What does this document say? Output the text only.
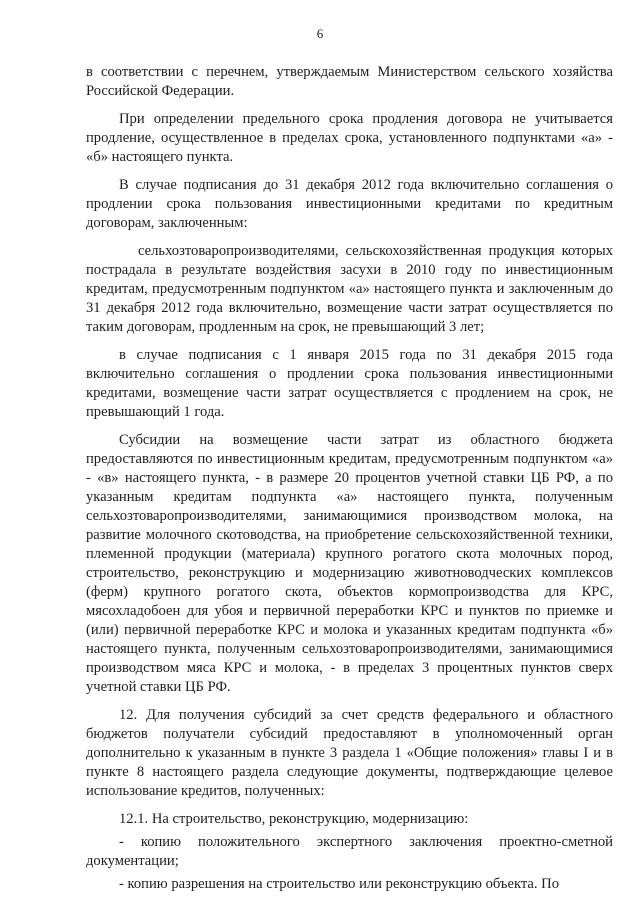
6

в соответствии с перечнем, утверждаемым Министерством сельского хозяйства Российской Федерации.

При определении предельного срока продления договора не учитывается продление, осуществленное в пределах срока, установленного подпунктами «а» - «б» настоящего пункта.

В случае подписания до 31 декабря 2012 года включительно соглашения о продлении срока пользования инвестиционными кредитами по кредитным договорам, заключенным:

сельхозтоваропроизводителями, сельскохозяйственная продукция которых пострадала в результате воздействия засухи в 2010 году по инвестиционным кредитам, предусмотренным подпунктом «а» настоящего пункта и заключенным до 31 декабря 2012 года включительно, возмещение части затрат осуществляется по таким договорам, продленным на срок, не превышающий 3 лет;

в случае подписания с 1 января 2015 года по 31 декабря 2015 года включительно соглашения о продлении срока пользования инвестиционными кредитами, возмещение части затрат осуществляется с продлением на срок, не превышающий 1 года.

Субсидии на возмещение части затрат из областного бюджета предоставляются по инвестиционным кредитам, предусмотренным подпунктом «а» - «в» настоящего пункта, - в размере 20 процентов учетной ставки ЦБ РФ, а по указанным кредитам подпункта «а» настоящего пункта, полученным сельхозтоваропроизводителями, занимающимися производством молока, на развитие молочного скотоводства, на приобретение сельскохозяйственной техники, племенной продукции (материала) крупного рогатого скота молочных пород, строительство, реконструкцию и модернизацию животноводческих комплексов (ферм) крупного рогатого скота, объектов кормопроизводства для КРС, мясохладобоен для убоя и первичной переработки КРС и пунктов по приемке и (или) первичной переработке КРС и молока и указанных кредитам подпункта «б» настоящего пункта, полученным сельхозтоваропроизводителями, занимающимися производством мяса КРС и молока, - в пределах 3 процентных пунктов сверх учетной ставки ЦБ РФ.

12. Для получения субсидий за счет средств федерального и областного бюджетов получатели субсидий предоставляют в уполномоченный орган дополнительно к указанным в пункте 3 раздела 1 «Общие положения» главы I и в пункте 8 настоящего раздела следующие документы, подтверждающие целевое использование кредитов, полученных:

12.1. На строительство, реконструкцию, модернизацию:

- копию положительного экспертного заключения проектно-сметной документации;

- копию разрешения на строительство или реконструкцию объекта. По
